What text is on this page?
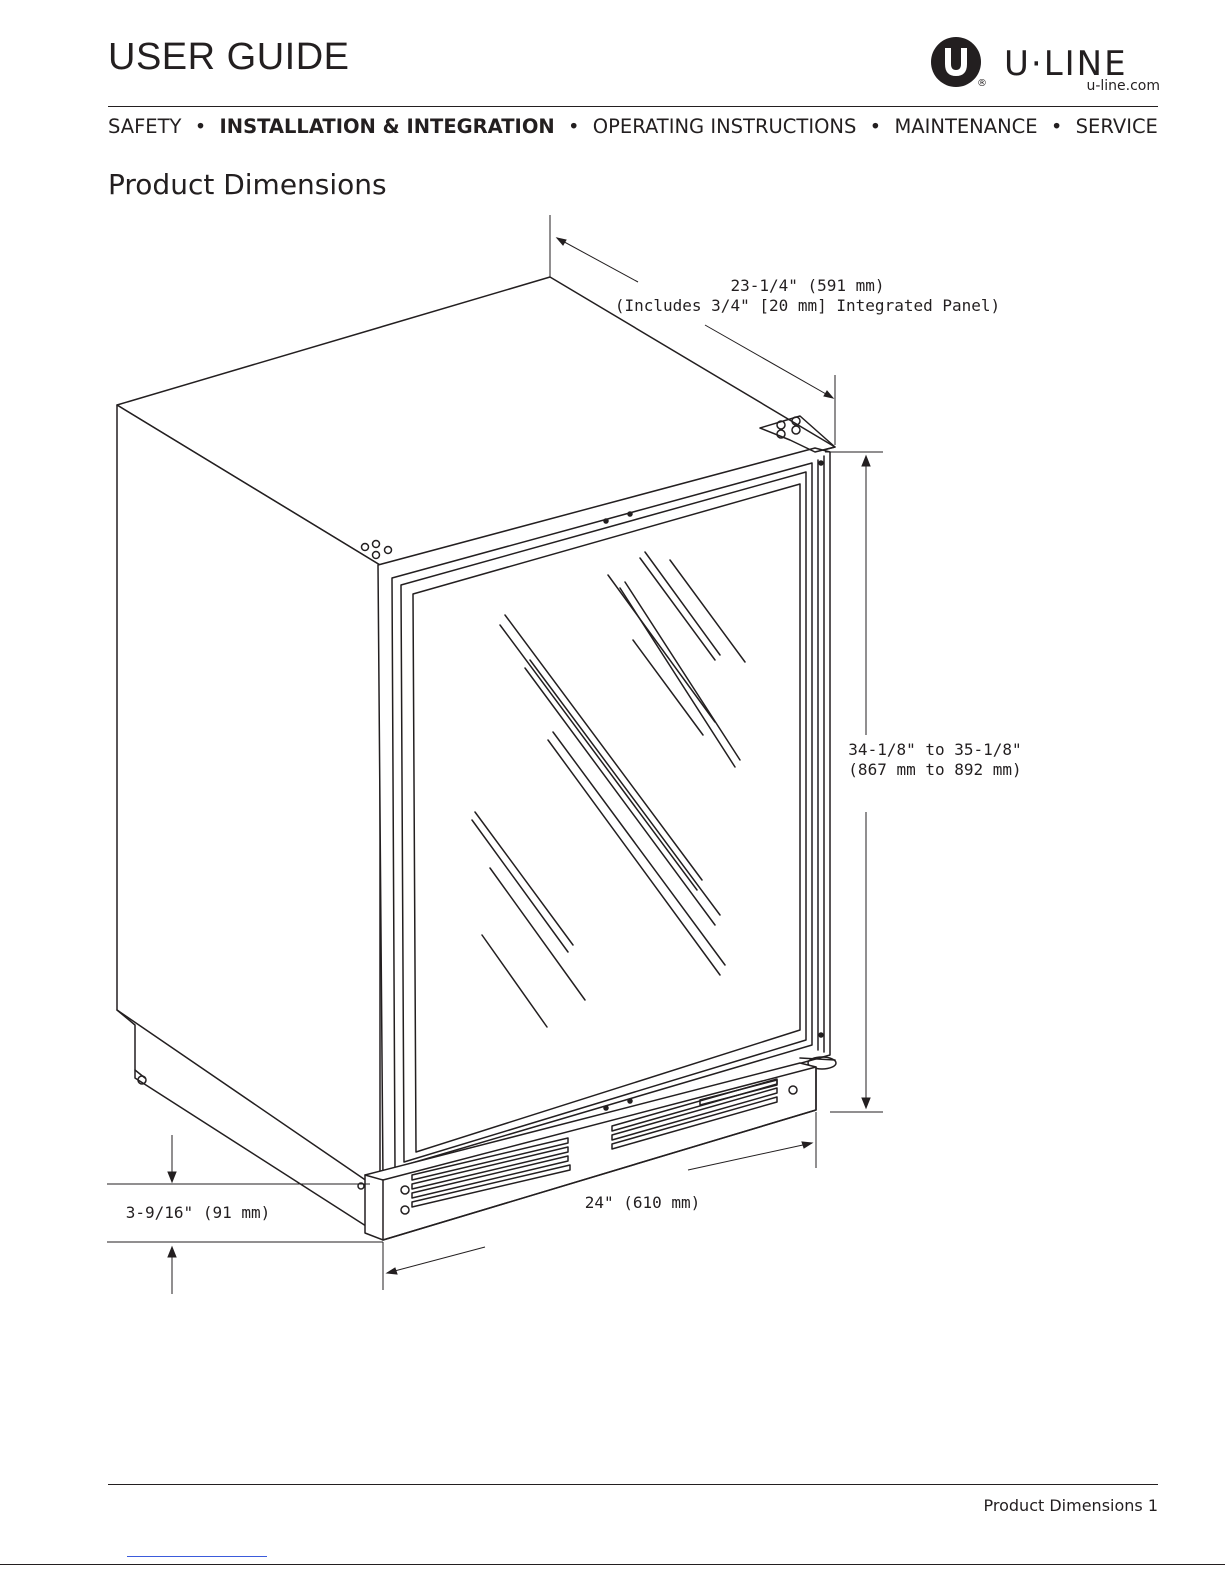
USER GUIDE
® U·LINE
u-line.com
SAFETY • INSTALLATION & INTEGRATION • OPERATING INSTRUCTIONS • MAINTENANCE • SERVICE
Product Dimensions
23-1/4" (591 mm)
(Includes 3/4" [20 mm] Integrated Panel)
34-1/8" to 35-1/8"
(867 mm to 892 mm)
3-9/16" (91 mm)
24" (610 mm)
Product Dimensions 1
